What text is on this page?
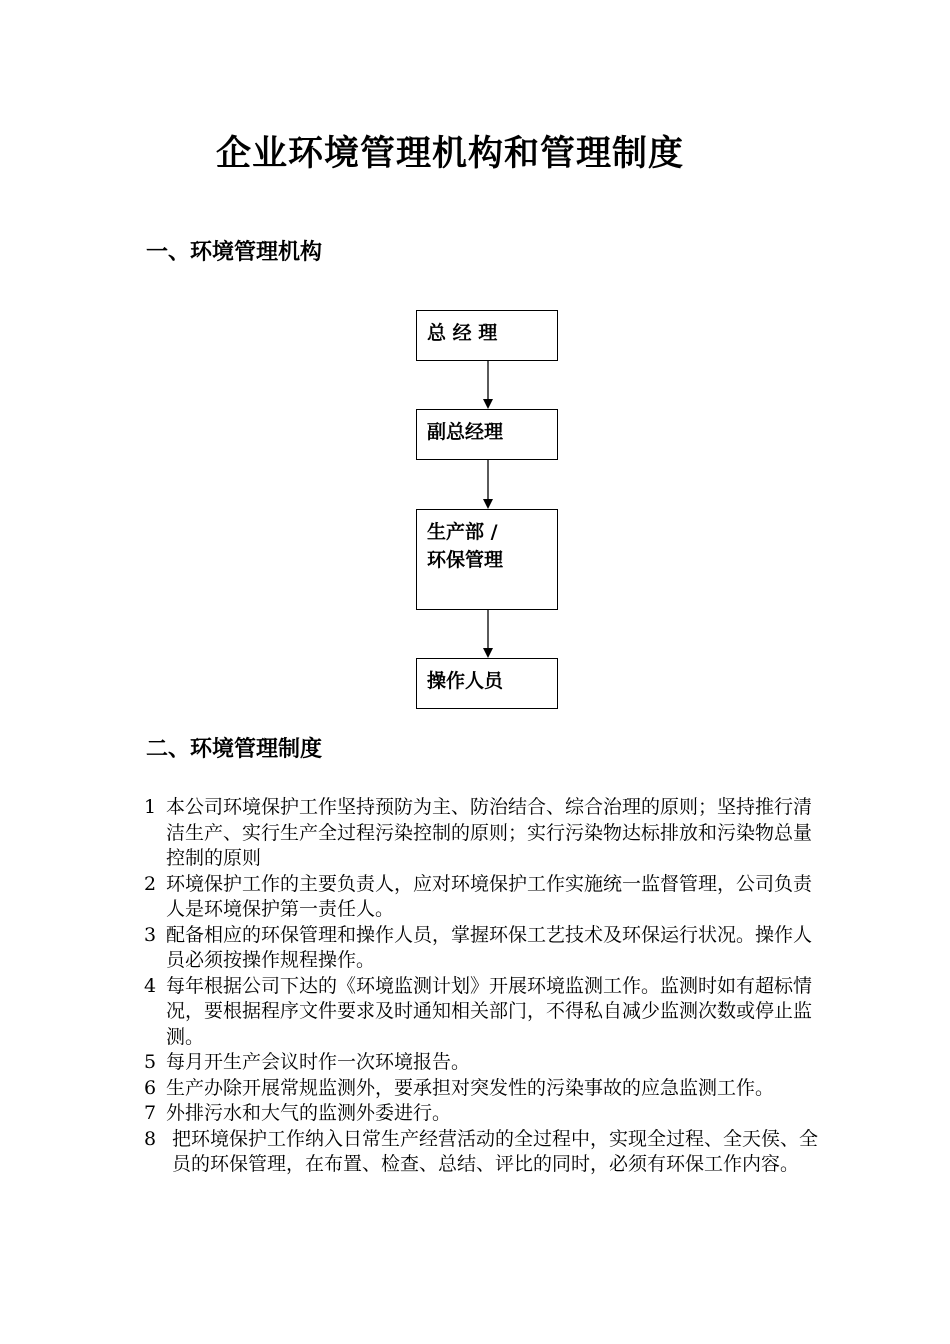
企业环境管理机构和管理制度
一、环境管理机构
总 经 理
副总经理
生产部 /
环保管理
操作人员
二、环境管理制度
1 本公司环境保护工作坚持预防为主、防治结合、综合治理的原则；坚持推行清洁生产、实行生产全过程污染控制的原则；实行污染物达标排放和污染物总量控制的原则
2 环境保护工作的主要负责人，应对环境保护工作实施统一监督管理，公司负责人是环境保护第一责任人。
3 配备相应的环保管理和操作人员，掌握环保工艺技术及环保运行状况。操作人员必须按操作规程操作。
4 每年根据公司下达的《环境监测计划》开展环境监测工作。监测时如有超标情况，要根据程序文件要求及时通知相关部门，不得私自减少监测次数或停止监测。
5 每月开生产会议时作一次环境报告。
6 生产办除开展常规监测外，要承担对突发性的污染事故的应急监测工作。
7 外排污水和大气的监测外委进行。
8 把环境保护工作纳入日常生产经营活动的全过程中，实现全过程、全天侯、全员的环保管理，在布置、检查、总结、评比的同时，必须有环保工作内容。
